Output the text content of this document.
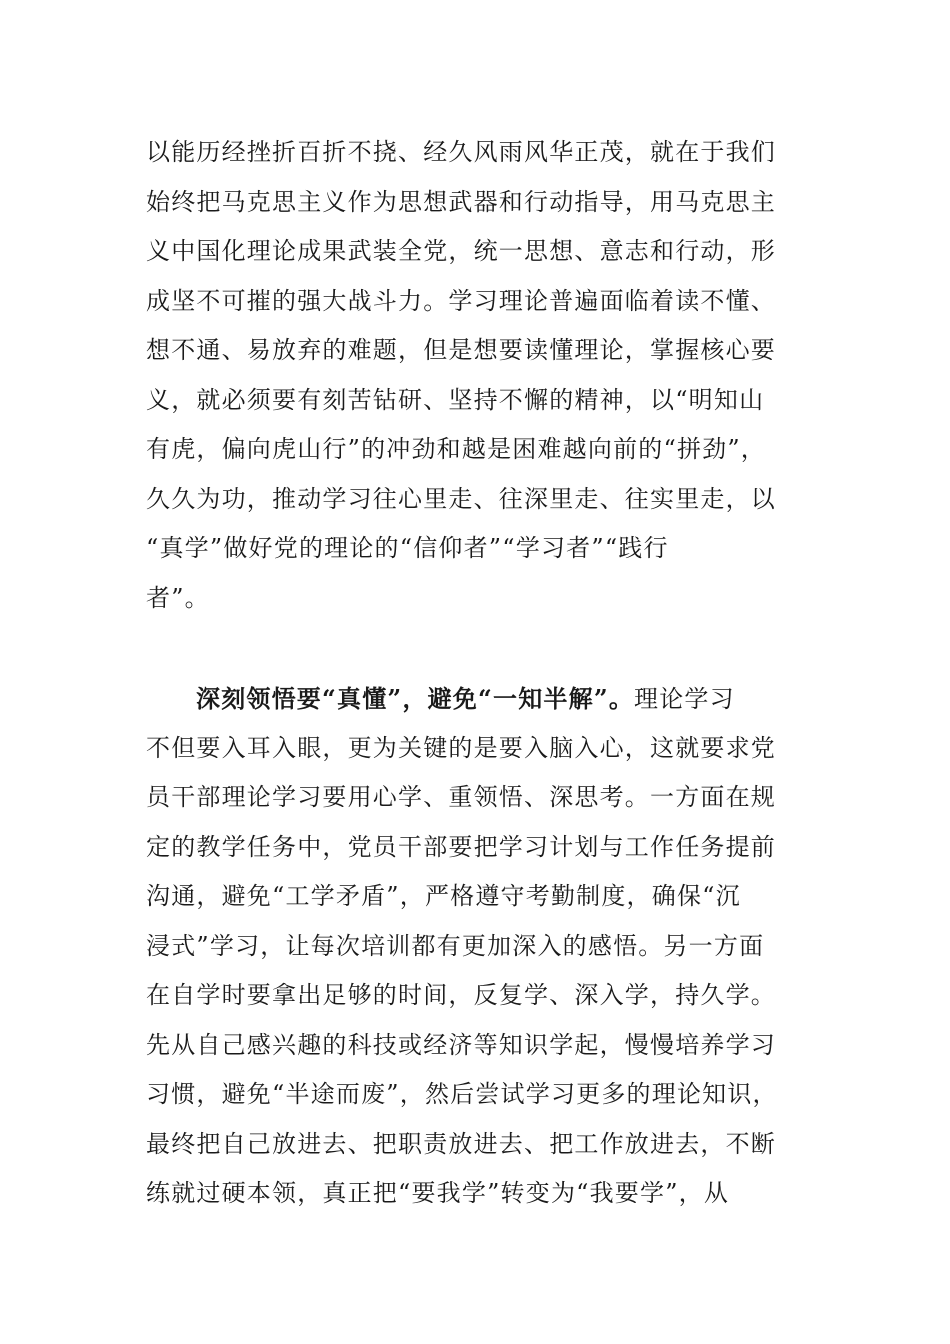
以能历经挫折百折不挠、经久风雨风华正茂，就在于我们
始终把马克思主义作为思想武器和行动指导，用马克思主
义中国化理论成果武装全党，统一思想、意志和行动，形
成坚不可摧的强大战斗力。学习理论普遍面临着读不懂、
想不通、易放弃的难题，但是想要读懂理论，掌握核心要
义，就必须要有刻苦钻研、坚持不懈的精神，以“明知山
有虎，偏向虎山行”的冲劲和越是困难越向前的“拼劲”，
久久为功，推动学习往心里走、往深里走、往实里走，以
“真学”做好党的理论的“信仰者”“学习者”“践行
者”。
深刻领悟要“真懂”，避免“一知半解”。理论学习
不但要入耳入眼，更为关键的是要入脑入心，这就要求党
员干部理论学习要用心学、重领悟、深思考。一方面在规
定的教学任务中，党员干部要把学习计划与工作任务提前
沟通，避免“工学矛盾”，严格遵守考勤制度，确保“沉
浸式”学习，让每次培训都有更加深入的感悟。另一方面
在自学时要拿出足够的时间，反复学、深入学，持久学。
先从自己感兴趣的科技或经济等知识学起，慢慢培养学习
习惯，避免“半途而废”，然后尝试学习更多的理论知识，
最终把自己放进去、把职责放进去、把工作放进去，不断
练就过硬本领，真正把“要我学”转变为“我要学”，从
